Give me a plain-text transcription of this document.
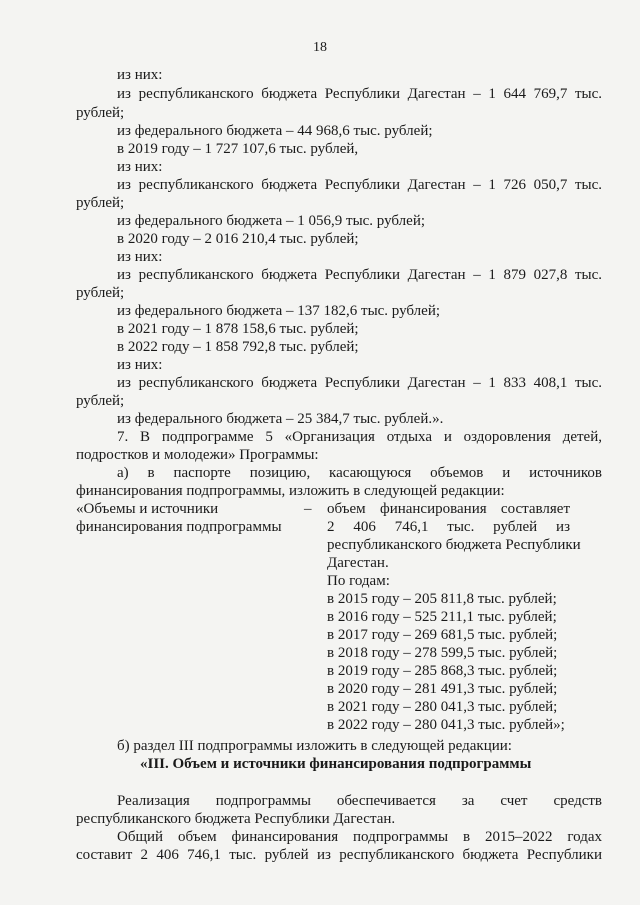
18
из них:
из республиканского бюджета Республики Дагестан – 1 644 769,7 тыс.
рублей;
из федерального бюджета – 44 968,6 тыс. рублей;
в 2019 году – 1 727 107,6 тыс. рублей,
из них:
из республиканского бюджета Республики Дагестан – 1 726 050,7 тыс.
рублей;
из федерального бюджета – 1 056,9 тыс. рублей;
в 2020 году – 2 016 210,4 тыс. рублей;
из них:
из республиканского бюджета Республики Дагестан – 1 879 027,8 тыс.
рублей;
из федерального бюджета – 137 182,6 тыс. рублей;
в 2021 году – 1 878 158,6 тыс. рублей;
в 2022 году – 1 858 792,8 тыс. рублей;
из них:
из республиканского бюджета Республики Дагестан – 1 833 408,1 тыс.
рублей;
из федерального бюджета – 25 384,7 тыс. рублей.».
7. В подпрограмме 5 «Организация отдыха и оздоровления детей,
подростков и молодежи» Программы:
а) в паспорте позицию, касающуюся объемов и источников
финансирования подпрограммы, изложить в следующей редакции:
«Объемы и источники
финансирования подпрограммы
– объем финансирования составляет
2 406 746,1 тыс. рублей из
республиканского бюджета Республики
Дагестан.
По годам:
в 2015 году – 205 811,8 тыс. рублей;
в 2016 году – 525 211,1 тыс. рублей;
в 2017 году – 269 681,5 тыс. рублей;
в 2018 году – 278 599,5 тыс. рублей;
в 2019 году – 285 868,3 тыс. рублей;
в 2020 году – 281 491,3 тыс. рублей;
в 2021 году – 280 041,3 тыс. рублей;
в 2022 году – 280 041,3 тыс. рублей»;
б) раздел III подпрограммы изложить в следующей редакции:
«III. Объем и источники финансирования подпрограммы
Реализация подпрограммы обеспечивается за счет средств
республиканского бюджета Республики Дагестан.
Общий объем финансирования подпрограммы в 2015–2022 годах
составит 2 406 746,1 тыс. рублей из республиканского бюджета Республики
